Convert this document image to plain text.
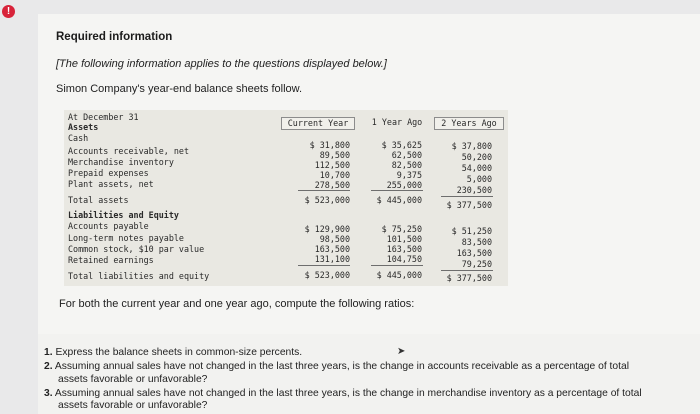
!
Required information
[The following information applies to the questions displayed below.]
Simon Company's year-end balance sheets follow.
At December 31
Current Year	1 Year Ago	2 Years Ago
Assets
Cash
Accounts receivable, net
Merchandise inventory
Prepaid expenses
Plant assets, net
Total assets
$ 31,800
89,500
112,500
10,700
278,500
$ 523,000
$ 35,625
62,500
82,500
9,375
255,000
$ 445,000
$ 37,800
50,200
54,000
5,000
230,500
$ 377,500
Liabilities and Equity
Accounts payable
Long-term notes payable
Common stock, $10 par value
Retained earnings
Total liabilities and equity
$ 129,900
98,500
163,500
131,100
$ 523,000
$ 75,250
101,500
163,500
104,750
$ 445,000
$ 51,250
83,500
163,500
79,250
$ 377,500
For both the current year and one year ago, compute the following ratios:
1. Express the balance sheets in common-size percents.
2. Assuming annual sales have not changed in the last three years, is the change in accounts receivable as a percentage of total
assets favorable or unfavorable?
3. Assuming annual sales have not changed in the last three years, is the change in merchandise inventory as a percentage of total
assets favorable or unfavorable?
➤
